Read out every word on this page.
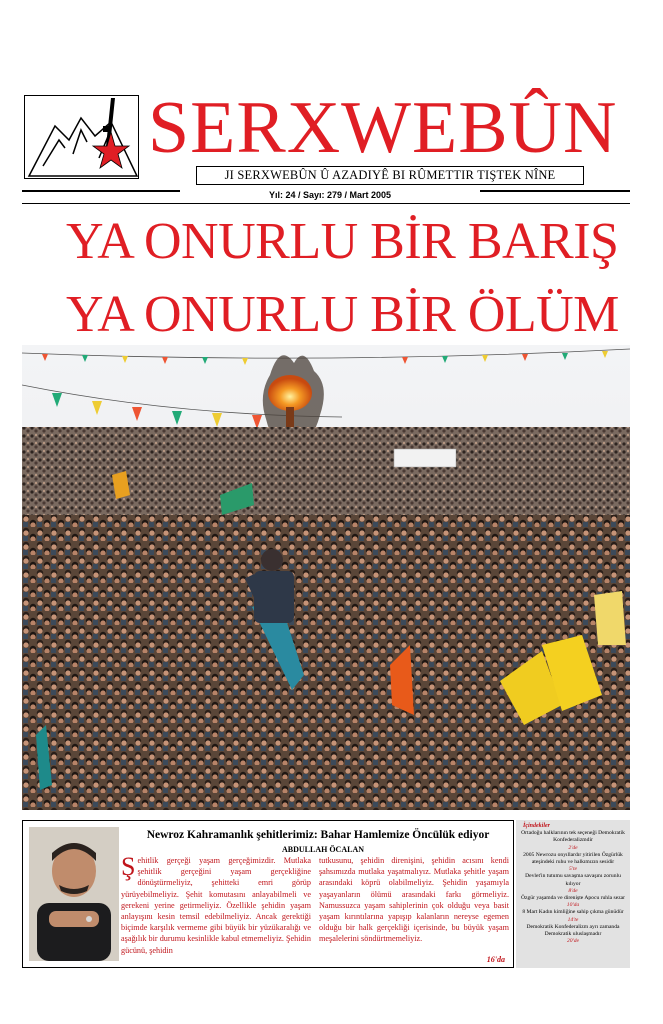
SERXWEBÛN
JI SERXWEBÛN Û AZADIYÊ BI RÛMETTIR TIŞTEK NÎNE
Yıl: 24 / Sayı: 279 / Mart 2005
YA ONURLU BİR BARIŞ
YA ONURLU BİR ÖLÜM
Newroz Kahramanlık şehitlerimiz: Bahar Hamlemize Öncülük ediyor
ABDULLAH ÖCALAN
Şehitlik gerçeği yaşam gerçeğimizdir. Mutlaka şehitlik gerçeğini yaşam gerçekliğine dönüştürmeliyiz, şehitteki emri görüp yürüyebilmeliyiz. Şehit komutasını anlayabilmeli ve gerekeni yerine getirmeliyiz. Özellikle şehidin yaşam anlayışını kesin temsil edebilmeliyiz. Ancak gerektiği biçimde karşılık vermeme gibi büyük bir yüzükaralığı ve aşağılık bir durumu kesinlikle kabul etmemeliyiz. Şehidin gücünü, şehidin
tutkusunu, şehidin direnişini, şehidin acısını kendi şahsımızda mutlaka yaşatmalıyız. Mutlaka şehitle yaşam arasındaki köprü olabilmeliyiz. Şehidin yaşamıyla yaşayanların ölümü arasındaki farkı görmeliyiz. Namussuzca yaşam sahiplerinin çok olduğu veya basit yaşam kırıntılarına yapışıp kalanların nereyse egemen olduğu bir halk gerçekliği içerisinde, bu büyük yaşam meşalelerini söndürtmemeliyiz.
16'da
İçindekiler
Ortadoğu halklarının tek seçeneği Demokratik Konfederalizmdir
2'de
2005 Newrozu onyıllardır yitirilen Özgürlük ateşindeki ruhu ve halkımızın sesidir
5'te
Devlet'in tutumu savaşma savaşını zorunlu kılıyor
8'de
Özgür yaşamda ve direnişte Apocu ruhla sezar
10'da
8 Mart Kadın kimliğine sahip çıkma günüdür
14'te
Demokratik Konfederalizm ayrı zamanda Demokratik uluslaşmadır
20'de
